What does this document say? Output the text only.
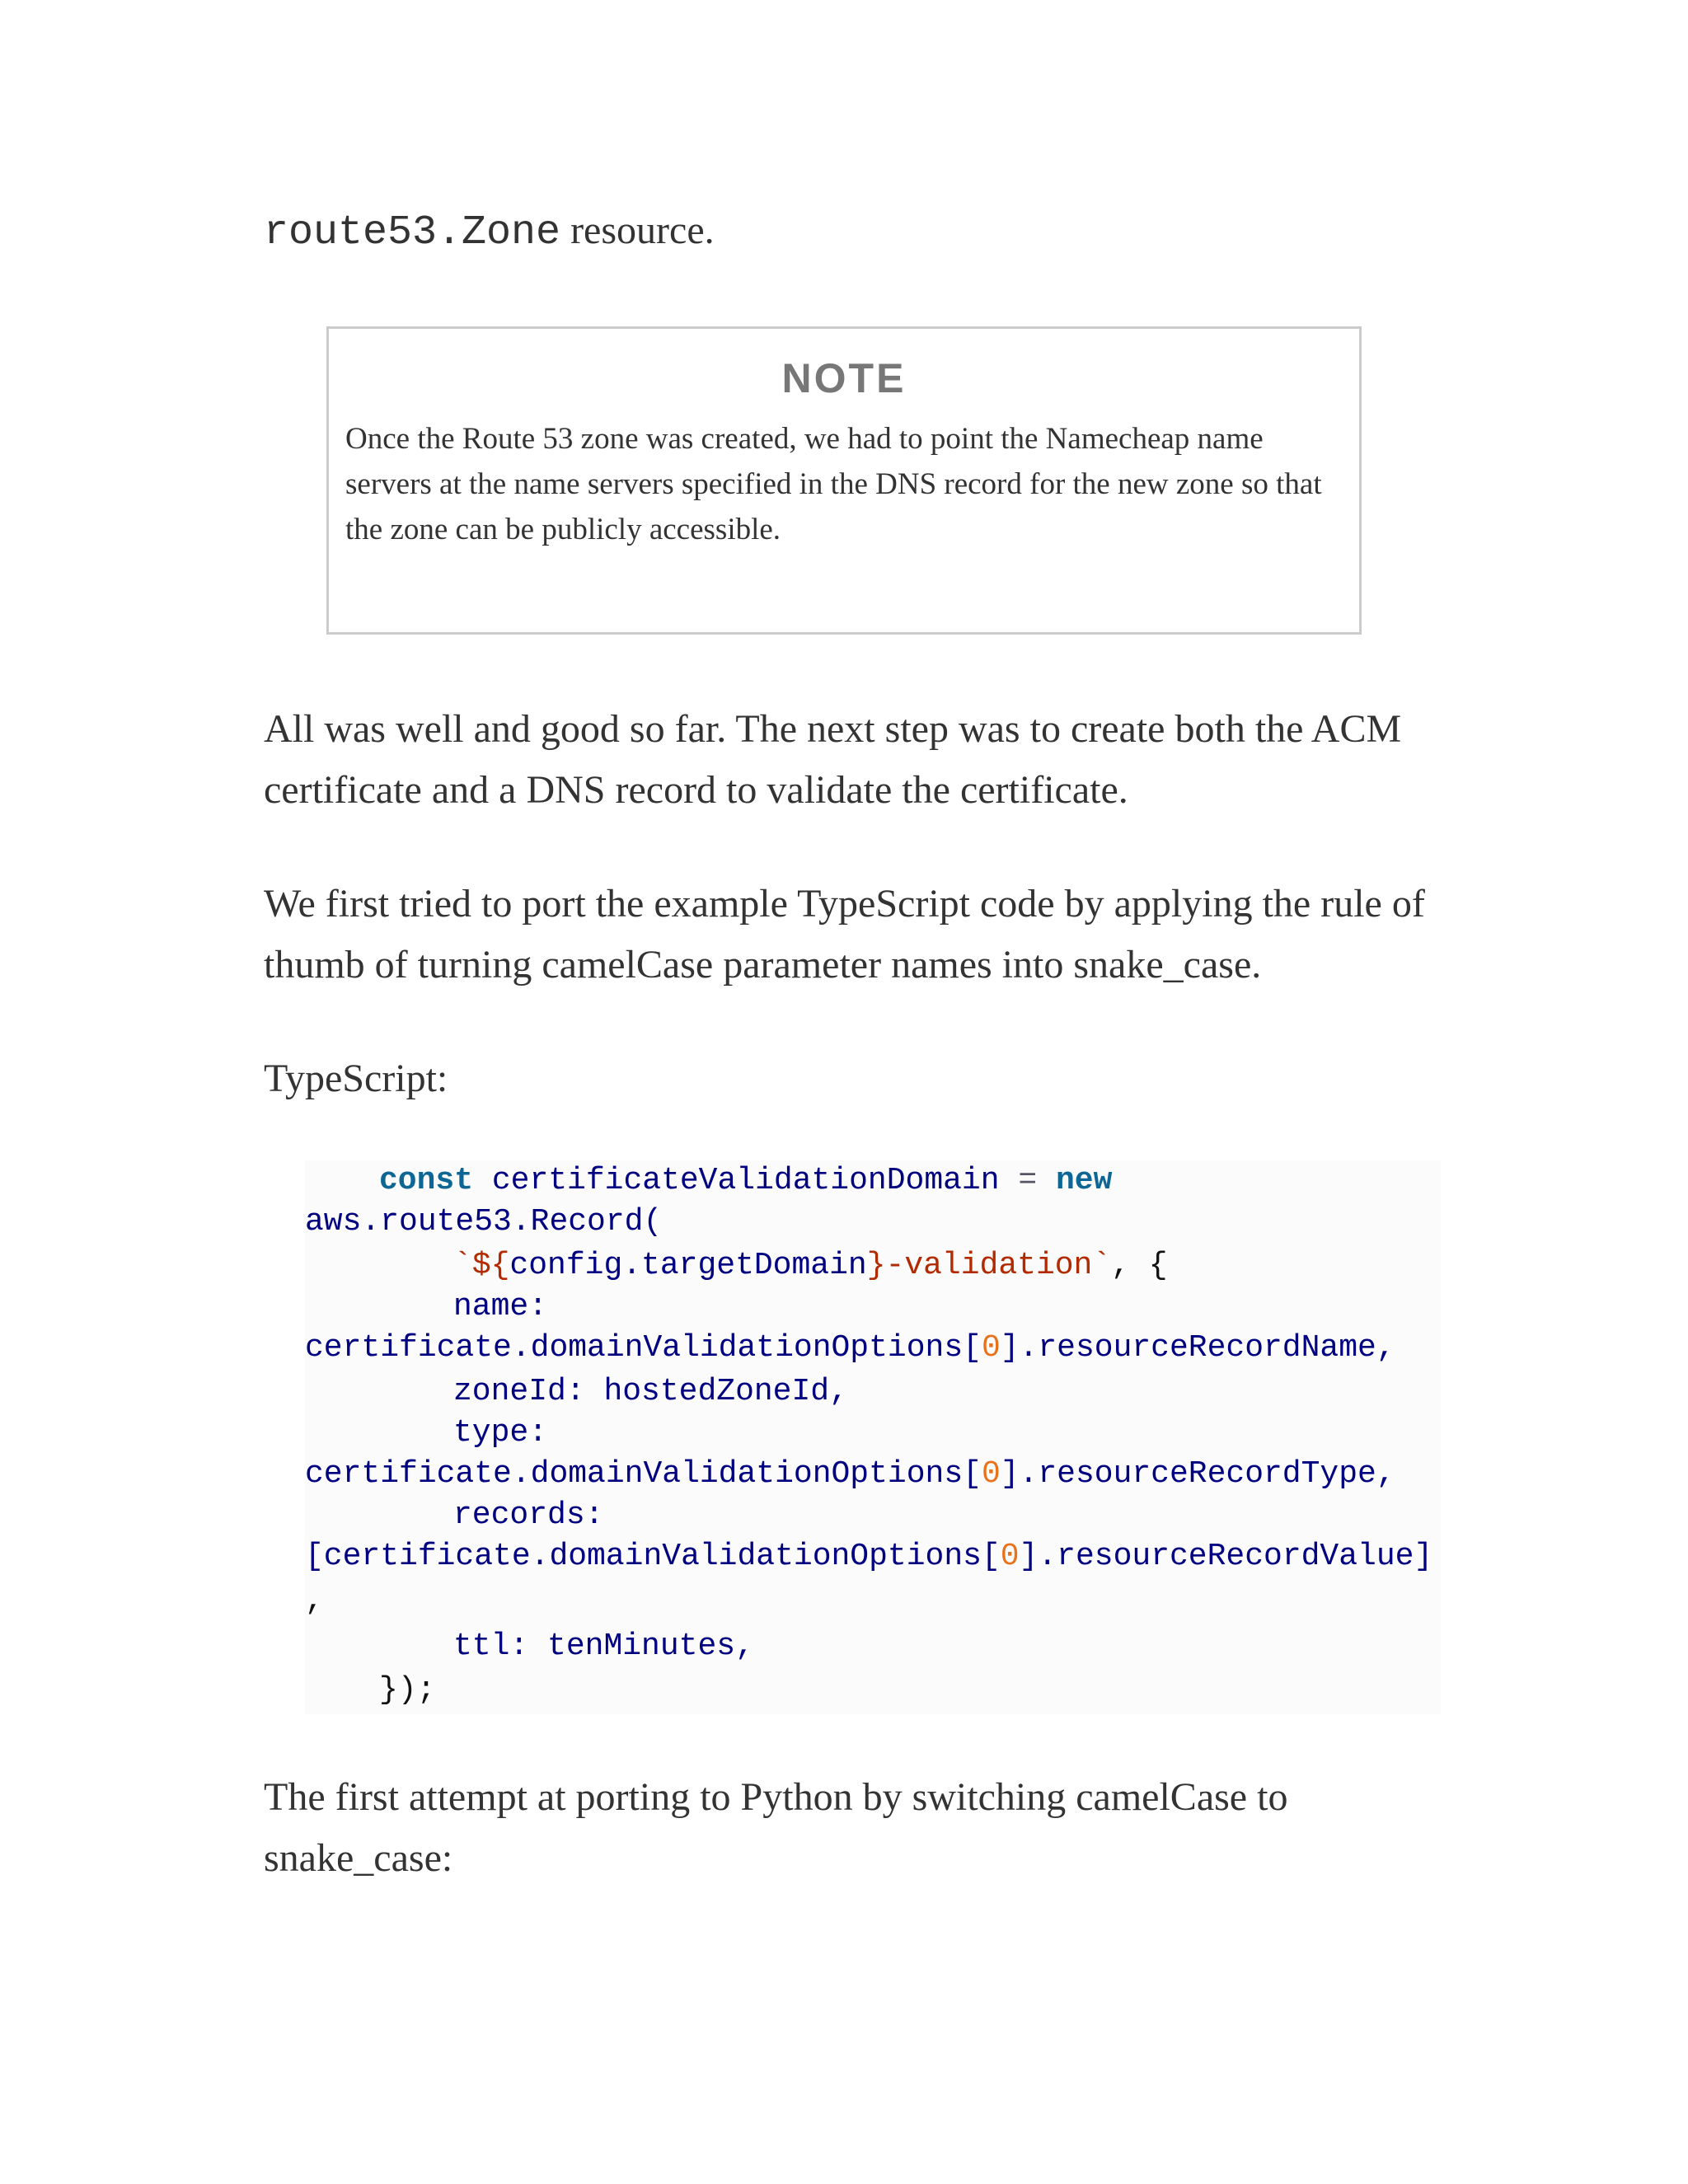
route53.Zone resource.
NOTE
Once the Route 53 zone was created, we had to point the Namecheap name servers at the name servers specified in the DNS record for the new zone so that the zone can be publicly accessible.
All was well and good so far. The next step was to create both the ACM certificate and a DNS record to validate the certificate.
We first tried to port the example TypeScript code by applying the rule of thumb of turning camelCase parameter names into snake_case.
TypeScript:
const certificateValidationDomain = new
aws.route53.Record(
`${config.targetDomain}-validation`, {
name:
certificate.domainValidationOptions[0].resourceRecordName,
zoneId: hostedZoneId,
type:
certificate.domainValidationOptions[0].resourceRecordType,
records:
[certificate.domainValidationOptions[0].resourceRecordValue]
,
ttl: tenMinutes,
});
The first attempt at porting to Python by switching camelCase to snake_case:
